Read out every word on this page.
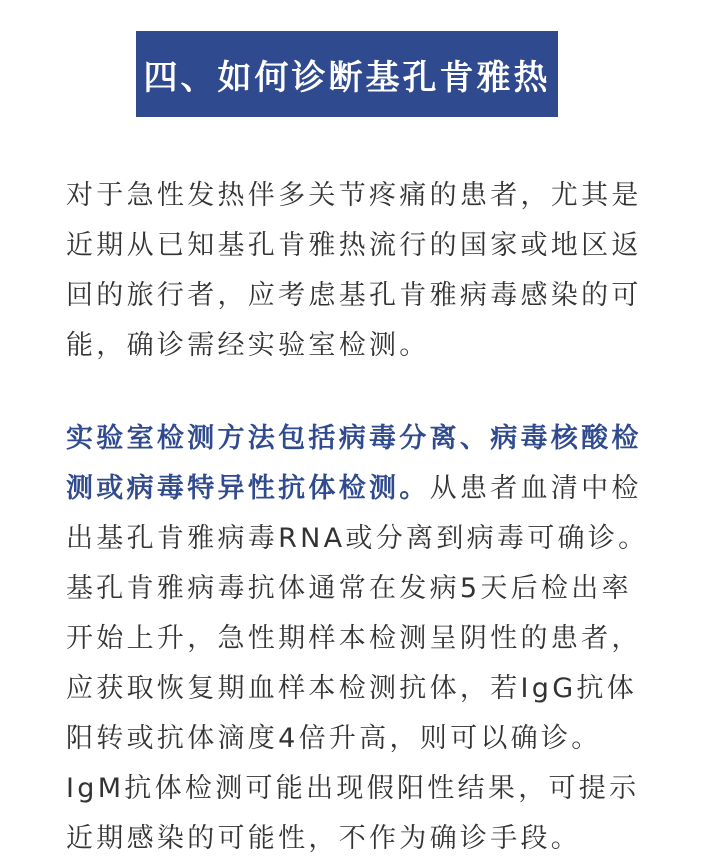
四、如何诊断基孔肯雅热

对于急性发热伴多关节疼痛的患者，尤其是近期从已知基孔肯雅热流行的国家或地区返回的旅行者，应考虑基孔肯雅病毒感染的可能，确诊需经实验室检测。

实验室检测方法包括病毒分离、病毒核酸检测或病毒特异性抗体检测。从患者血清中检出基孔肯雅病毒RNA或分离到病毒可确诊。基孔肯雅病毒抗体通常在发病5天后检出率开始上升，急性期样本检测呈阴性的患者，应获取恢复期血样本检测抗体，若IgG抗体阳转或抗体滴度4倍升高，则可以确诊。IgM抗体检测可能出现假阳性结果，可提示近期感染的可能性，不作为确诊手段。
